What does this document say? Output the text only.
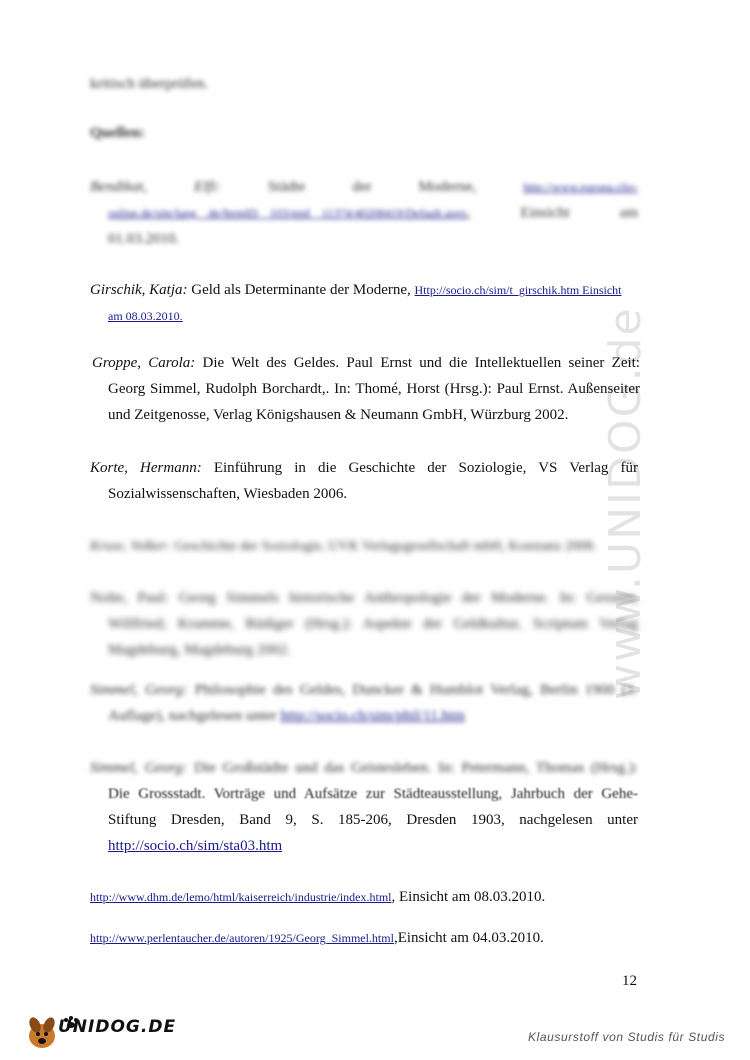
www.UNIDOG.de
kritisch überprüfen.
Quellen:
Bendikat, Elfi:	Städte der Moderne,	http://www.europa.clio-
online.de/site/lang__de/ItemID__103/mid__11374/40208419/Default.aspx, Einsicht am
01.03.2010.
Girschik, Katja: Geld als Determinante der Moderne, Http://socio.ch/sim/t_girschik.htm Einsicht
am 08.03.2010.
Groppe, Carola: Die Welt des Geldes. Paul Ernst und die Intellektuellen seiner Zeit:
Georg Simmel, Rudolph Borchardt,. In: Thomé, Horst (Hrsg.): Paul Ernst. Außenseiter
und Zeitgenosse, Verlag Königshausen & Neumann GmbH, Würzburg 2002.
Korte, Hermann: Einführung in die Geschichte der Soziologie, VS Verlag für
Sozialwissenschaften, Wiesbaden 2006.
Kruse, Volker: Geschichte der Soziologie, UVK Verlagsgesellschaft mbH, Konstanz 2008.
Nolte, Paul: Georg Simmels historische Anthropologie der Moderne. In: Gessner,
Willfried; Kramme, Rüdiger (Hrsg.): Aspekte der Geldkultur, Scriptum Verlag
Magdeburg, Magdeburg 2002.
Simmel, Georg: Philosophie des Geldes, Duncker & Humblot Verlag, Berlin 1900 (1.
Auflage), nachgelesen unter http://socio.ch/sim/phil/11.htm
Simmel, Georg: Die Großstädte und das Geistesleben. In: Petermann, Thomas (Hrsg.):
Die Grossstadt. Vorträge und Aufsätze zur Städteausstellung, Jahrbuch der Gehe-
Stiftung Dresden, Band 9, S. 185-206, Dresden 1903, nachgelesen unter
http://socio.ch/sim/sta03.htm
http://www.dhm.de/lemo/html/kaiserreich/industrie/index.html, Einsicht am 08.03.2010.
http://www.perlentaucher.de/autoren/1925/Georg_Simmel.html,Einsicht am 04.03.2010.
12
UNIDOG.DE	Klausurstoff von Studis für Studis
